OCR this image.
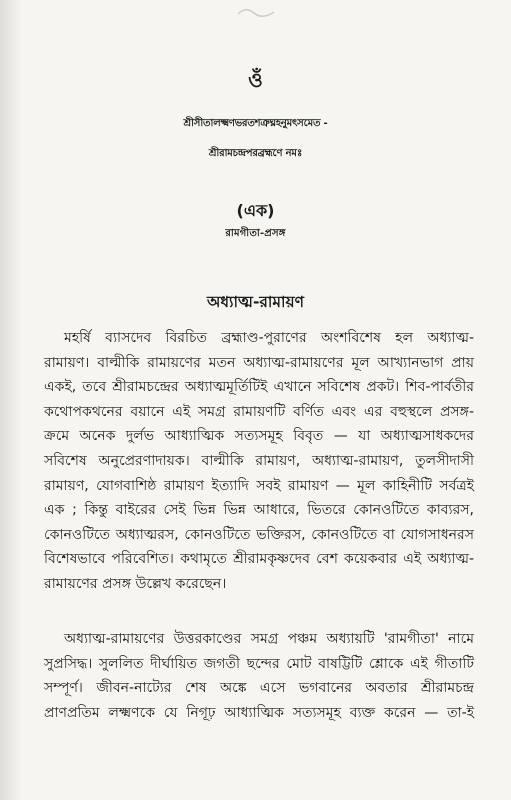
ওঁ
শ্রীসীতালক্ষ্মণভরতশত্রুঘ্নহনুমৎসমেত -
শ্রীরামচন্দ্রপরব্রহ্মণে নমঃ
(এক)
রামগীতা-প্রসঙ্গ
অধ্যাত্ম-রামায়ণ
মহর্ষি ব্যাসদেব বিরচিত ব্রহ্মাণ্ড-পুরাণের অংশবিশেষ হল অধ্যাত্ম-
রামায়ণ। বাল্মীকি রামায়ণের মতন অধ্যাত্ম-রামায়ণের মূল আখ্যানভাগ প্রায়
একই, তবে শ্রীরামচন্দ্রের অধ্যাত্মমূর্তিটিই এখানে সবিশেষ প্রকট। শিব-পার্বতীর
কথোপকথনের বয়ানে এই সমগ্র রামায়ণটি বর্ণিত এবং এর বহুস্থলে প্রসঙ্গ-
ক্রমে অনেক দুর্লভ আধ্যাত্মিক সত্যসমূহ বিবৃত — যা অধ্যাত্মসাধকদের
সবিশেষ অনুপ্রেরণাদায়ক। বাল্মীকি রামায়ণ, অধ্যাত্ম-রামায়ণ, তুলসীদাসী
রামায়ণ, যোগবাশিষ্ঠ রামায়ণ ইত্যাদি সবই রামায়ণ — মূল কাহিনীটি সর্বত্রই
এক ; কিন্তু বাইরের সেই ভিন্ন ভিন্ন আধারে, ভিতরে কোনওটিতে কাব্যরস,
কোনওটিতে অধ্যাত্মরস, কোনওটিতে ভক্তিরস, কোনওটিতে বা যোগসাধনরস
বিশেষভাবে পরিবেশিত। কথামৃতে শ্রীরামকৃষ্ণদেব বেশ কয়েকবার এই অধ্যাত্ম-
রামায়ণের প্রসঙ্গ উল্লেখ করেছেন।
অধ্যাত্ম-রামায়ণের উত্তরকাণ্ডের সমগ্র পঞ্চম অধ্যায়টি 'রামগীতা' নামে
সুপ্রসিদ্ধ। সুললিত দীর্ঘায়িত জগতী ছন্দের মোট বাষট্টিটি শ্লোকে এই গীতাটি
সম্পূর্ণ। জীবন-নাট্যের শেষ অঙ্কে এসে ভগবানের অবতার শ্রীরামচন্দ্র
প্রাণপ্রতিম লক্ষ্মণকে যে নিগূঢ় আধ্যাত্মিক সত্যসমূহ ব্যক্ত করেন — তা-ই
